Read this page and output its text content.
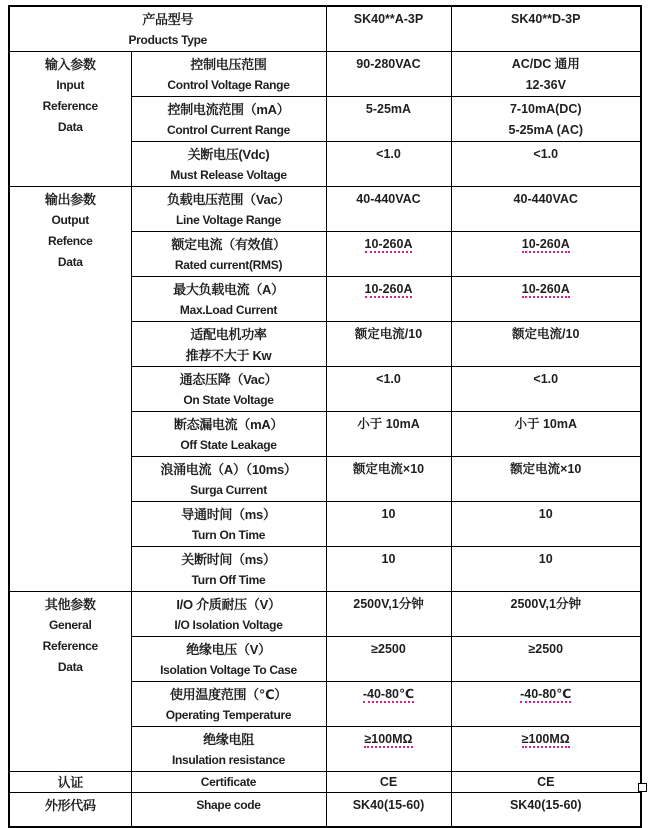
产品型号
Products Type		SK40**A-3P	SK40**D-3P

输入参数
Input
Reference
Data	控制电压范围
Control Voltage Range	90-280VAC	AC/DC 通用
12-36V

	控制电流范围（mA）
Control Current Range	5-25mA	7-10mA(DC)
5-25mA (AC)

	关断电压(Vdc)
Must Release Voltage	<1.0	<1.0

输出参数
Output
Refence
Data	负载电压范围（Vac）
Line Voltage Range	40-440VAC	40-440VAC

	额定电流（有效值）
Rated current(RMS)	10-260A	10-260A

	最大负载电流（A）
Max.Load Current	10-260A	10-260A

	适配电机功率
推荐不大于 Kw	额定电流/10	额定电流/10

	通态压降（Vac）
On State Voltage	<1.0	<1.0

	断态漏电流（mA）
Off State Leakage	小于 10mA	小于 10mA

	浪涌电流（A）（10ms）
Surga Current	额定电流×10	额定电流×10

	导通时间（ms）
Turn On Time	10	10

	关断时间（ms）
Turn Off Time	10	10

其他参数
General
Reference
Data	I/O 介质耐压（V）
I/O Isolation Voltage	2500V,1分钟	2500V,1分钟

	绝缘电压（V）
Isolation Voltage To Case	≥2500	≥2500

	使用温度范围（℃）
Operating Temperature	-40-80℃	-40-80℃

	绝缘电阻
Insulation resistance	≥100MΩ	≥100MΩ

认证	Certificate	CE	CE
外形代码	Shape code	SK40(15-60)	SK40(15-60)
